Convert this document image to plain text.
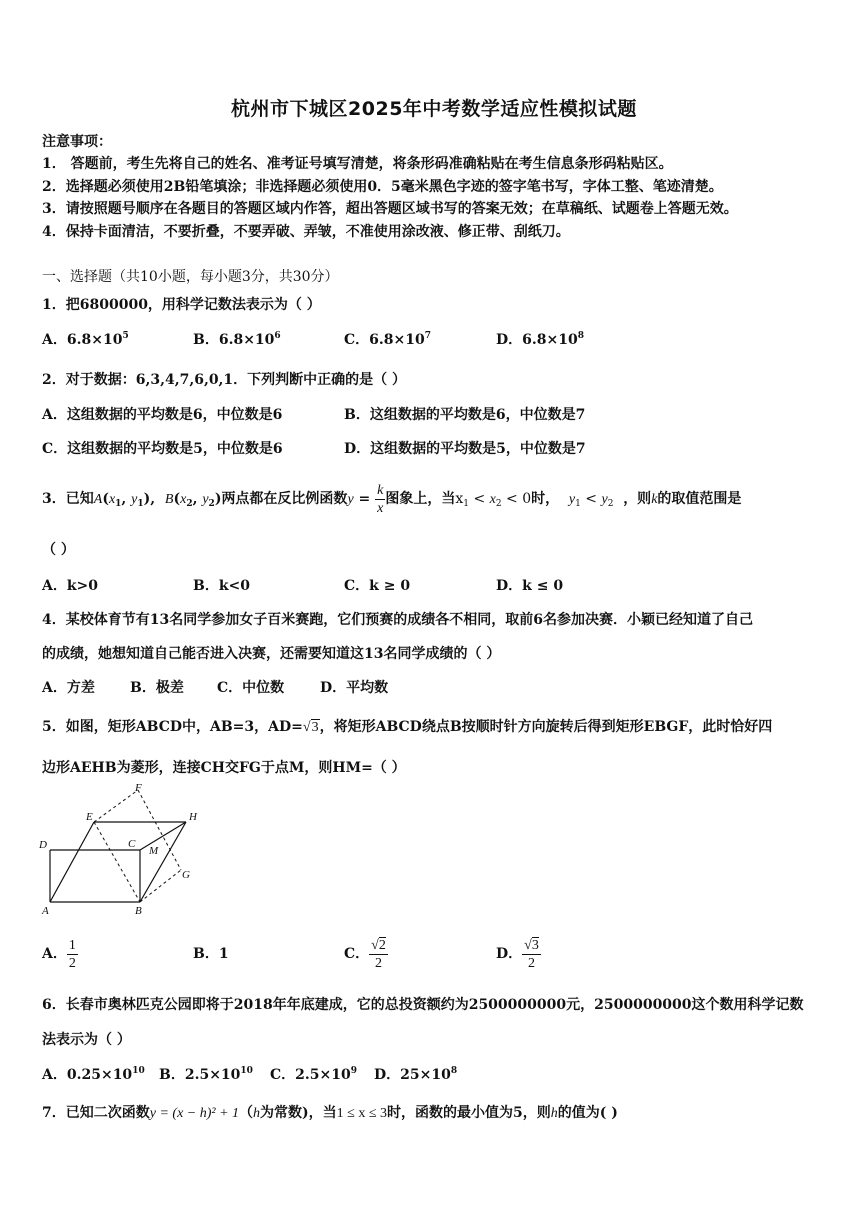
杭州市下城区2025年中考数学适应性模拟试题
注意事项：
1． 答题前，考生先将自己的姓名、准考证号填写清楚，将条形码准确粘贴在考生信息条形码粘贴区。
2．选择题必须使用2B铅笔填涂；非选择题必须使用0．5毫米黑色字迹的签字笔书写，字体工整、笔迹清楚。
3．请按照题号顺序在各题目的答题区域内作答，超出答题区域书写的答案无效；在草稿纸、试题卷上答题无效。
4．保持卡面清洁，不要折叠，不要弄破、弄皱，不准使用涂改液、修正带、刮纸刀。
一、选择题（共10小题，每小题3分，共30分）
1．把6800000，用科学记数法表示为（ ）
A．$6.8\times 10^5$	B．$6.8\times 10^6$	C．$6.8\times 10^7$	D．$6.8\times 10^8$
2．对于数据：6,3,4,7,6,0,1．下列判断中正确的是（ ）
A．这组数据的平均数是6，中位数是6	B．这组数据的平均数是6，中位数是7
C．这组数据的平均数是5，中位数是6	D．这组数据的平均数是5，中位数是7
3．已知$A(x_1$, $y_1$),  $B(x_2$, $y_2$)两点都在反比例函数$y = \frac{k}{x}$ 图象上，当$x_1 < x_2 < 0$时， $y_1 < y_2$ ，则k的取值范围是
（ ）
A．k>0	B．k<0	C．k ≥ 0	D．k ≤ 0
4．某校体育节有13名同学参加女子百米赛跑，它们预赛的成绩各不相同，取前6名参加决赛．小颖已经知道了自己
的成绩，她想知道自己能否进入决赛，还需要知道这13名同学成绩的（ ）
A．方差	B．极差 C．中位数	D．平均数
5．如图，矩形ABCD中，AB=3，AD=√3，将矩形ABCD绕点B按顺时针方向旋转后得到矩形EBGF，此时恰好四
边形AEHB为菱形，连接CH交FG于点M，则HM=（ ）
F
E	H
D	C
M
G
A	B
A． $\frac{1}{2}$	B．1	C． $\frac{√2}{2}$	D． $\frac{√3}{2}$
6．长春市奥林匹克公园即将于2018年年底建成，它的总投资额约为2500000000元，2500000000这个数用科学记数
法表示为（ ）
A．$0.25\times 10^{10}$ B．$2.5\times 10^{10}$ C．$2.5\times 10^9$ D．$25\times 10^8$
7．已知二次函数y = (x − h)² + 1（h为常数)，当1 ≤ x ≤ 3时，函数的最小值为5，则h的值为( )
